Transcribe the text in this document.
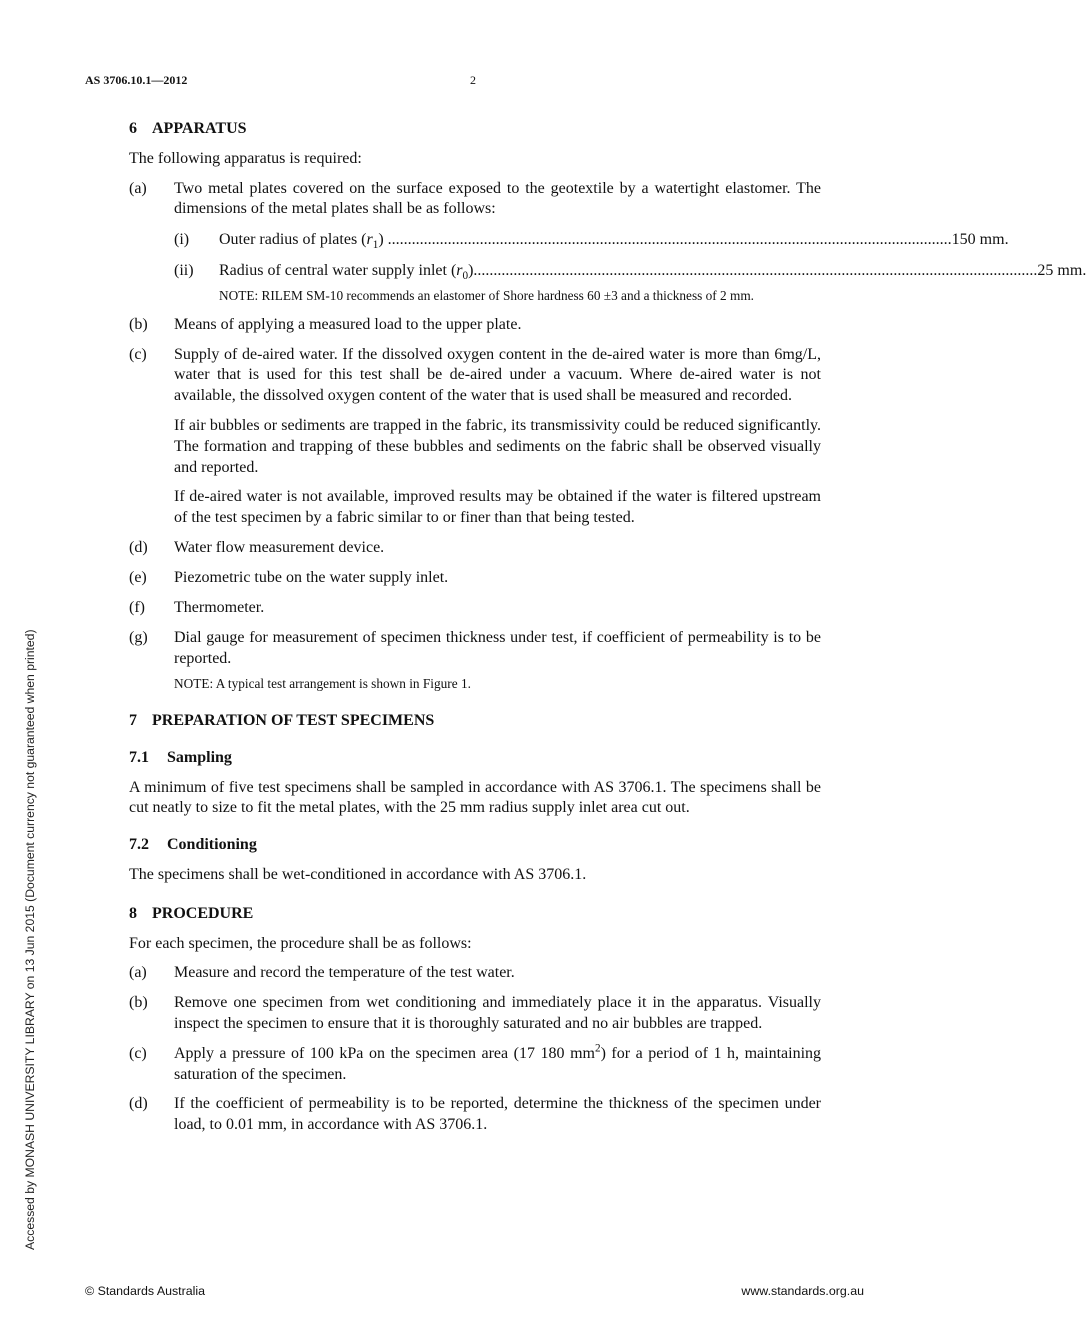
AS 3706.10.1—2012	2
Accessed by MONASH UNIVERSITY LIBRARY on 13 Jun 2015 (Document currency not guaranteed when printed)
6 APPARATUS

The following apparatus is required:

(a) Two metal plates covered on the surface exposed to the geotextile by a watertight elastomer. The dimensions of the metal plates shall be as follows:
(i) Outer radius of plates $(r_1)$ ............................................................................................................................................. 150 mm.
(ii) Radius of central water supply inlet $(r_0)$ ............................................................................................................................................. 25 mm.
NOTE: RILEM SM-10 recommends an elastomer of Shore hardness 60 ±3 and a thickness of 2 mm.
(b) Means of applying a measured load to the upper plate.
(c) Supply of de-aired water. If the dissolved oxygen content in the de-aired water is more than 6mg/L, water that is used for this test shall be de-aired under a vacuum. Where de-aired water is not available, the dissolved oxygen content of the water that is used shall be measured and recorded.
If air bubbles or sediments are trapped in the fabric, its transmissivity could be reduced significantly. The formation and trapping of these bubbles and sediments on the fabric shall be observed visually and reported.
If de-aired water is not available, improved results may be obtained if the water is filtered upstream of the test specimen by a fabric similar to or finer than that being tested.
(d) Water flow measurement device.
(e) Piezometric tube on the water supply inlet.
(f) Thermometer.
(g) Dial gauge for measurement of specimen thickness under test, if coefficient of permeability is to be reported.
NOTE: A typical test arrangement is shown in Figure 1.
7 PREPARATION OF TEST SPECIMENS
7.1 Sampling

A minimum of five test specimens shall be sampled in accordance with AS 3706.1. The specimens shall be cut neatly to size to fit the metal plates, with the 25 mm radius supply inlet area cut out.

7.2 Conditioning

The specimens shall be wet-conditioned in accordance with AS 3706.1.

8 PROCEDURE

For each specimen, the procedure shall be as follows:

(a) Measure and record the temperature of the test water.
(b) Remove one specimen from wet conditioning and immediately place it in the apparatus. Visually inspect the specimen to ensure that it is thoroughly saturated and no air bubbles are trapped.
(c) Apply a pressure of 100 kPa on the specimen area (17 180 $mm^2$) for a period of 1 h, maintaining saturation of the specimen.
(d) If the coefficient of permeability is to be reported, determine the thickness of the specimen under load, to 0.01 mm, in accordance with AS 3706.1.
© Standards Australia	www.standards.org.au
